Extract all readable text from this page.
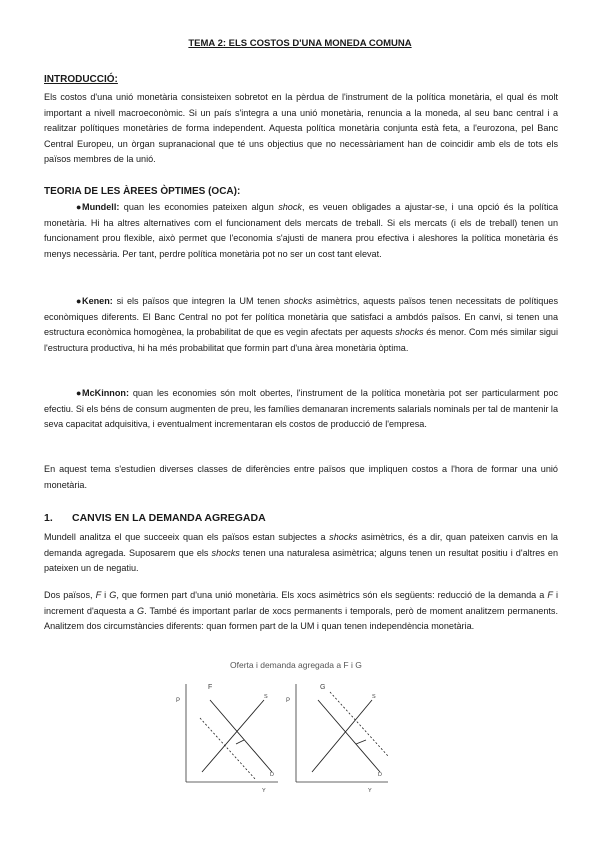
TEMA 2: ELS COSTOS D'UNA MONEDA COMUNA
INTRODUCCIÓ:

Els costos d'una unió monetària consisteixen sobretot en la pèrdua de l'instrument de la política monetària, el qual és molt important a nivell macroeconòmic. Si un país s'integra a una unió monetària, renuncia a la moneda, al seu banc central i a realitzar polítiques monetàries de forma independent. Aquesta política monetària conjunta està feta, a l'eurozona, pel Banc Central Europeu, un òrgan supranacional que té uns objectius que no necessàriament han de coincidir amb els de tots els països membres de la unió.

TEORIA DE LES ÀREES ÒPTIMES (OCA):

●Mundell: quan les economies pateixen algun shock, es veuen obligades a ajustar-se, i una opció és la política monetària. Hi ha altres alternatives com el funcionament dels mercats de treball. Si els mercats (i els de treball) tenen un funcionament prou flexible, això permet que l'economia s'ajusti de manera prou efectiva i aleshores la política monetària és menys necessària. Per tant, perdre política monetària pot no ser un cost tant elevat.

●Kenen: si els països que integren la UM tenen shocks asimètrics, aquests països tenen necessitats de polítiques econòmiques diferents. El Banc Central no pot fer política monetària que satisfaci a ambdós països. En canvi, si tenen una estructura econòmica homogènea, la probabilitat de que es vegin afectats per aquests shocks és menor. Com més similar sigui l'estructura productiva, hi ha més probabilitat que formin part d'una àrea monetària òptima.

●McKinnon: quan les economies són molt obertes, l'instrument de la política monetària pot ser particularment poc efectiu. Si els béns de consum augmenten de preu, les famílies demanaran increments salarials nominals per tal de mantenir la seva capacitat adquisitiva, i eventualment incrementaran els costos de producció de l'empresa.

En aquest tema s'estudien diverses classes de diferències entre països que impliquen costos a l'hora de formar una unió monetària.

1. CANVIS EN LA DEMANDA AGREGADA

Mundell analitza el que succeeix quan els països estan subjectes a shocks asimètrics, és a dir, quan pateixen canvis en la demanda agregada. Suposarem que els shocks tenen una naturalesa asimètrica; alguns tenen un resultat positiu i d'altres en pateixen un de negatiu.

Dos països, F i G, que formen part d'una unió monetària. Els xocs asimètrics són els següents: reducció de la demanda a F i increment d'aquesta a G. També és important parlar de xocs permanents i temporals, però de moment analitzem permanents. Analitzem dos circumstàncies diferents: quan formen part de la UM i quan tenen independència monetària.

Oferta i demanda agregada a F i G
F
P
S
D
Y
G
P
S
D
Y
